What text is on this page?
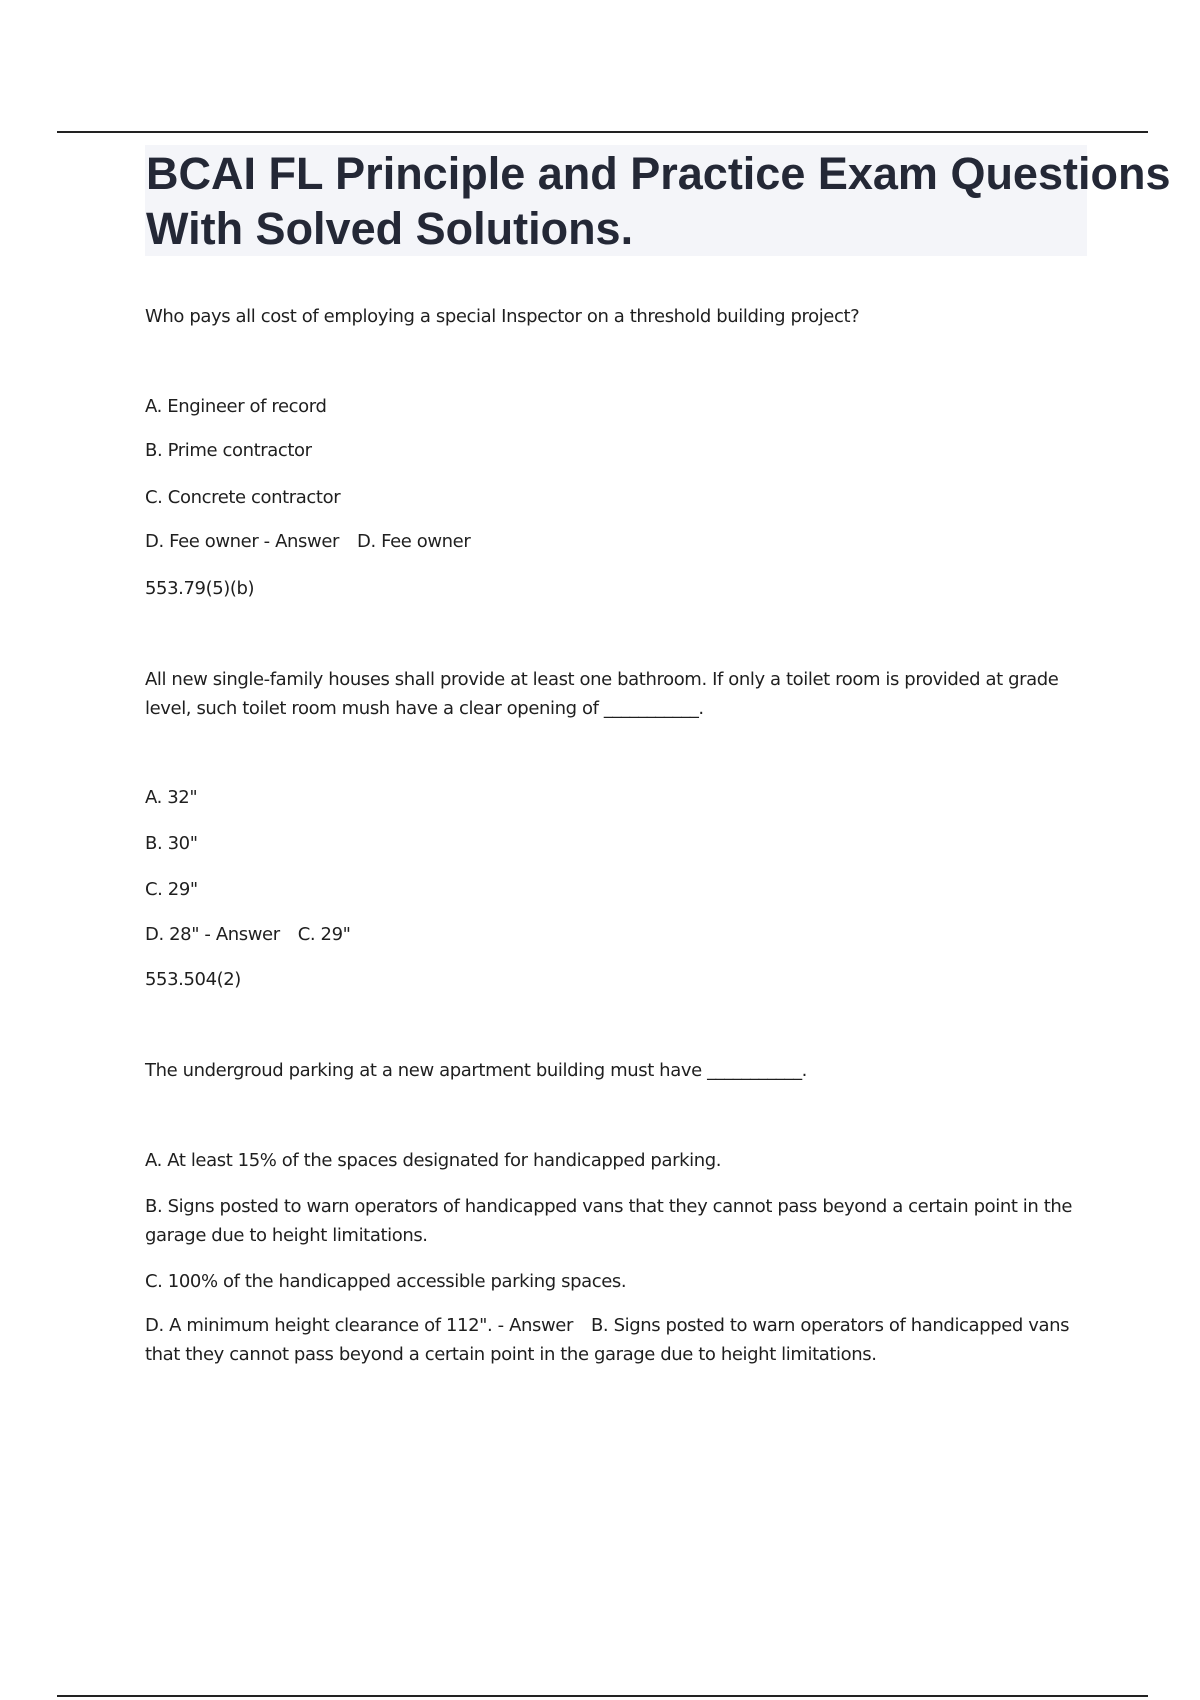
BCAI FL Principle and Practice Exam Questions With Solved Solutions.

Who pays all cost of employing a special Inspector on a threshold building project?

A. Engineer of record

B. Prime contractor

C. Concrete contractor

D. Fee owner - Answer D. Fee owner

553.79(5)(b)

All new single-family houses shall provide at least one bathroom. If only a toilet room is provided at grade level, such toilet room mush have a clear opening of ___________.

A. 32"

B. 30"

C. 29"

D. 28" - Answer C. 29"

553.504(2)

The undergroud parking at a new apartment building must have ___________.

A. At least 15% of the spaces designated for handicapped parking.

B. Signs posted to warn operators of handicapped vans that they cannot pass beyond a certain point in the garage due to height limitations.

C. 100% of the handicapped accessible parking spaces.

D. A minimum height clearance of 112". - Answer B. Signs posted to warn operators of handicapped vans that they cannot pass beyond a certain point in the garage due to height limitations.
